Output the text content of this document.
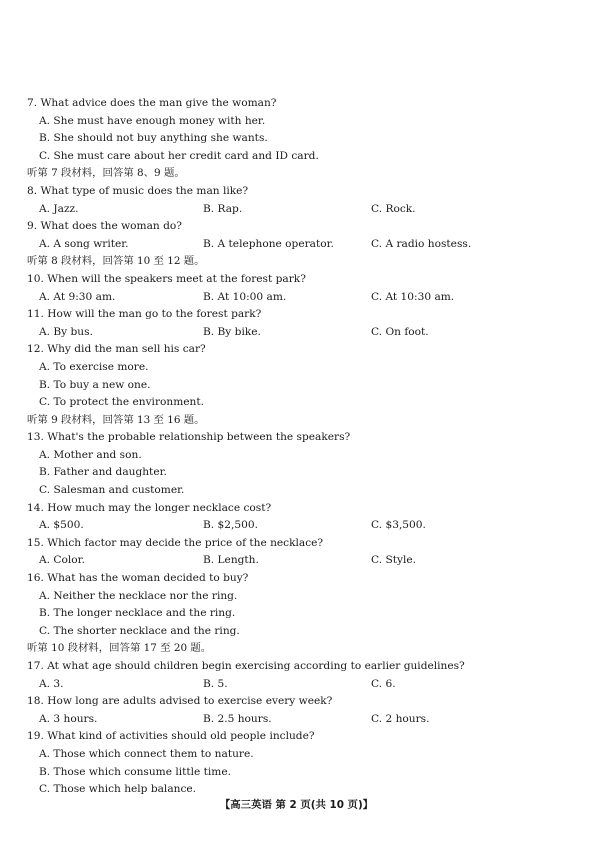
7. What advice does the man give the woman?
A. She must have enough money with her.
B. She should not buy anything she wants.
C. She must care about her credit card and ID card.
听第 7 段材料，回答第 8、9 题。
8. What type of music does the man like?
A. Jazz.	B. Rap.	C. Rock.
9. What does the woman do?
A. A song writer.	B. A telephone operator.	C. A radio hostess.
听第 8 段材料，回答第 10 至 12 题。
10. When will the speakers meet at the forest park?
A. At 9:30 am.	B. At 10:00 am.	C. At 10:30 am.
11. How will the man go to the forest park?
A. By bus.	B. By bike.	C. On foot.
12. Why did the man sell his car?
A. To exercise more.
B. To buy a new one.
C. To protect the environment.
听第 9 段材料，回答第 13 至 16 题。
13. What's the probable relationship between the speakers?
A. Mother and son.
B. Father and daughter.
C. Salesman and customer.
14. How much may the longer necklace cost?
A. $500.	B. $2,500.	C. $3,500.
15. Which factor may decide the price of the necklace?
A. Color.	B. Length.	C. Style.
16. What has the woman decided to buy?
A. Neither the necklace nor the ring.
B. The longer necklace and the ring.
C. The shorter necklace and the ring.
听第 10 段材料，回答第 17 至 20 题。
17. At what age should children begin exercising according to earlier guidelines?
A. 3.	B. 5.	C. 6.
18. How long are adults advised to exercise every week?
A. 3 hours.	B. 2.5 hours.	C. 2 hours.
19. What kind of activities should old people include?
A. Those which connect them to nature.
B. Those which consume little time.
C. Those which help balance.
【高三英语 第 2 页(共 10 页)】
